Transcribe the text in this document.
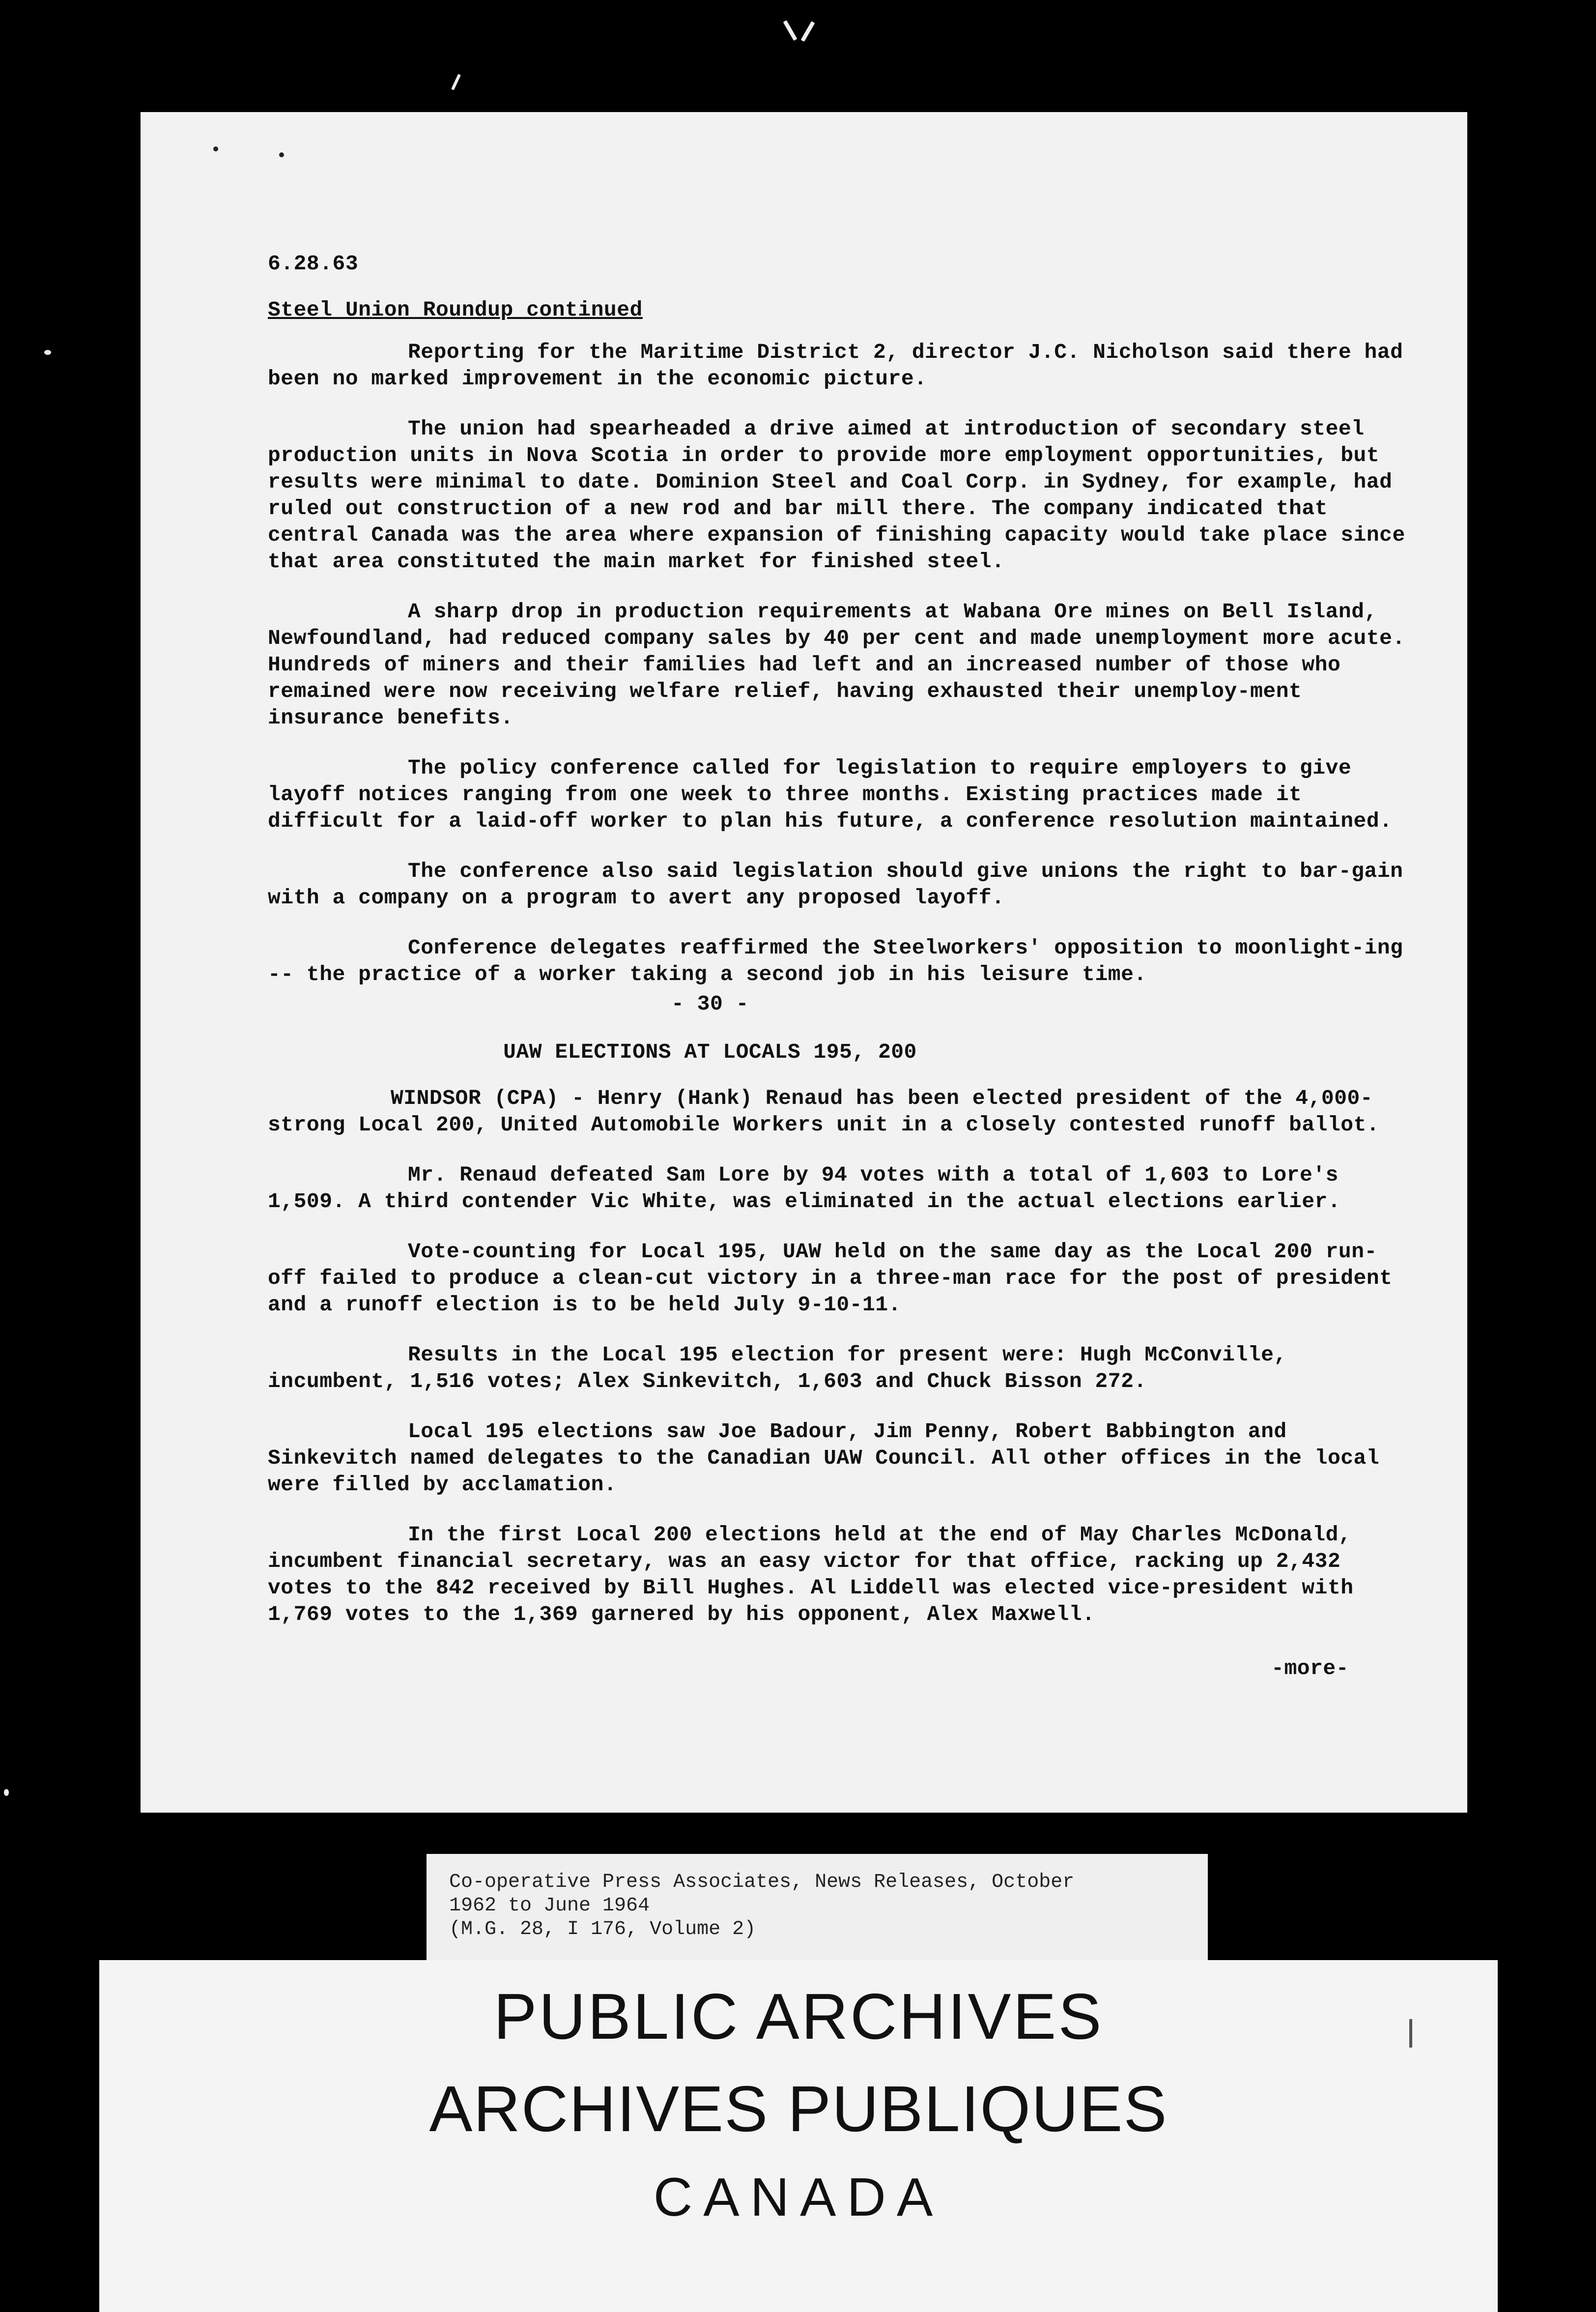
6.28.63
Steel Union Roundup continued
Reporting for the Maritime District 2, director J.C. Nicholson said there had been no marked improvement in the economic picture.
The union had spearheaded a drive aimed at introduction of secondary steel production units in Nova Scotia in order to provide more employment opportunities, but results were minimal to date. Dominion Steel and Coal Corp. in Sydney, for example, had ruled out construction of a new rod and bar mill there. The company indicated that central Canada was the area where expansion of finishing capacity would take place since that area constituted the main market for finished steel.
A sharp drop in production requirements at Wabana Ore mines on Bell Island, Newfoundland, had reduced company sales by 40 per cent and made unemployment more acute. Hundreds of miners and their families had left and an increased number of those who remained were now receiving welfare relief, having exhausted their unemploy-ment insurance benefits.
The policy conference called for legislation to require employers to give layoff notices ranging from one week to three months. Existing practices made it difficult for a laid-off worker to plan his future, a conference resolution maintained.
The conference also said legislation should give unions the right to bar-gain with a company on a program to avert any proposed layoff.
Conference delegates reaffirmed the Steelworkers' opposition to moonlight-ing -- the practice of a worker taking a second job in his leisure time.
- 30 -
UAW ELECTIONS AT LOCALS 195, 200
WINDSOR (CPA) - Henry (Hank) Renaud has been elected president of the 4,000-strong Local 200, United Automobile Workers unit in a closely contested runoff ballot.
Mr. Renaud defeated Sam Lore by 94 votes with a total of 1,603 to Lore's 1,509. A third contender Vic White, was eliminated in the actual elections earlier.
Vote-counting for Local 195, UAW held on the same day as the Local 200 run-off failed to produce a clean-cut victory in a three-man race for the post of president and a runoff election is to be held July 9-10-11.
Results in the Local 195 election for present were: Hugh McConville, incumbent, 1,516 votes; Alex Sinkevitch, 1,603 and Chuck Bisson 272.
Local 195 elections saw Joe Badour, Jim Penny, Robert Babbington and Sinkevitch named delegates to the Canadian UAW Council. All other offices in the local were filled by acclamation.
In the first Local 200 elections held at the end of May Charles McDonald, incumbent financial secretary, was an easy victor for that office, racking up 2,432 votes to the 842 received by Bill Hughes. Al Liddell was elected vice-president with 1,769 votes to the 1,369 garnered by his opponent, Alex Maxwell.
-more-
Co-operative Press Associates, News Releases, October
1962 to June 1964
(M.G. 28, I 176, Volume 2)
PUBLIC ARCHIVES
ARCHIVES PUBLIQUES
CANADA
